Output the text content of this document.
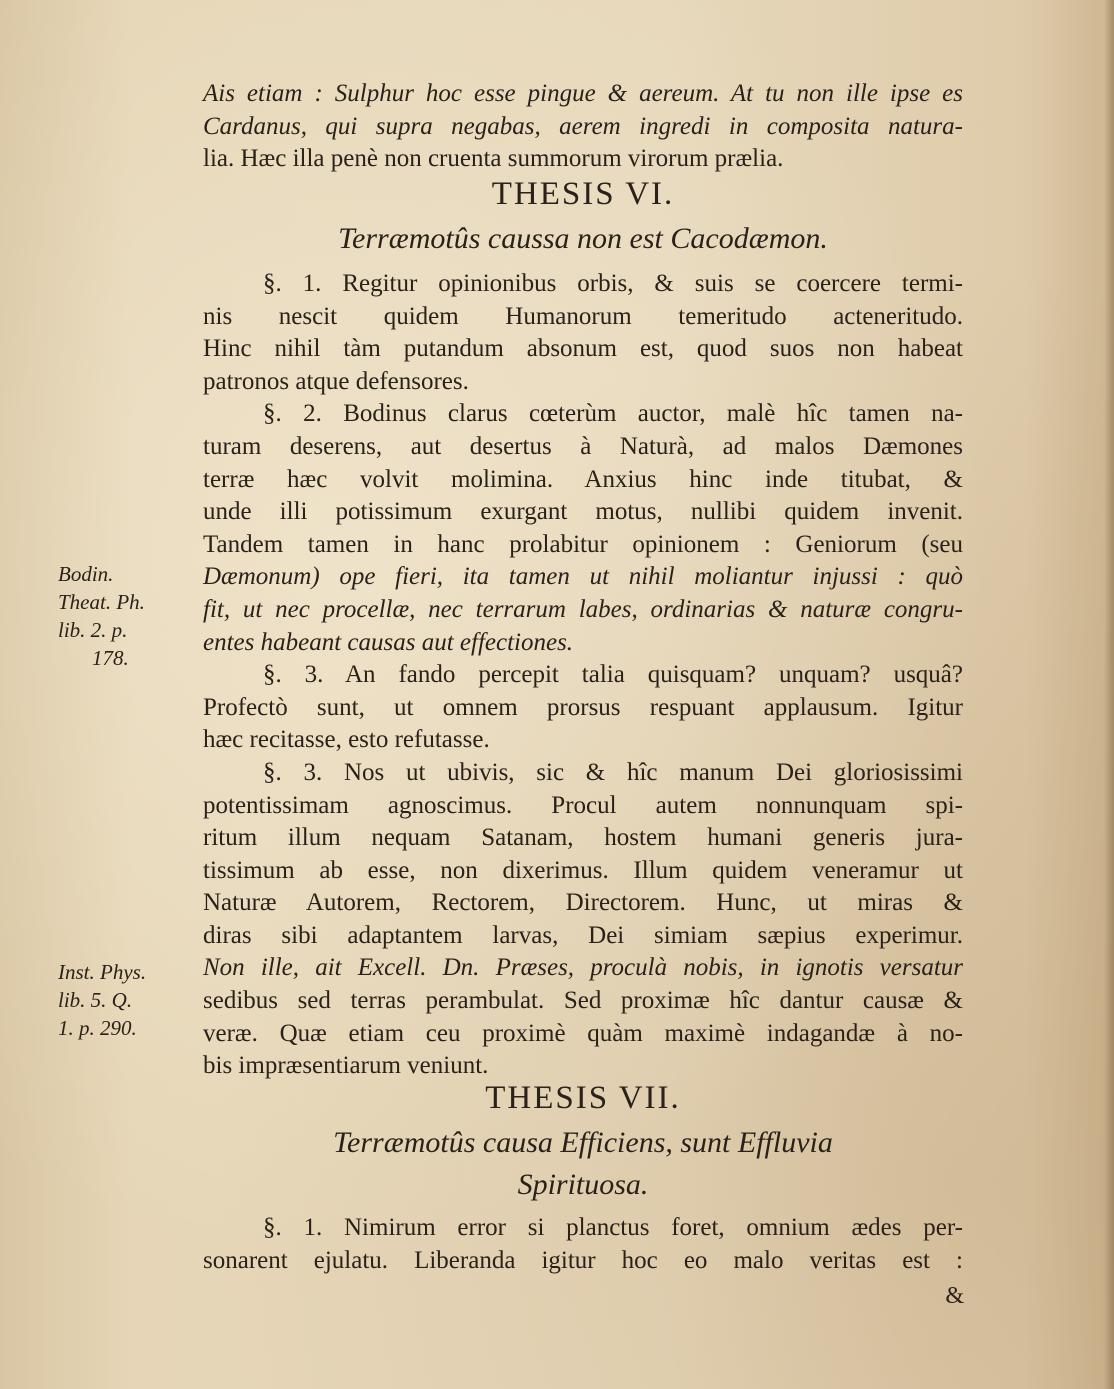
Ais etiam : Sulphur hoc esse pingue & aereum. At tu non ille ipse es
Cardanus, qui supra negabas, aerem ingredi in composita natura-
lia. Hæc illa penè non cruenta summorum virorum prælia.
THESIS VI.
Terræmotûs caussa non est Cacodæmon.
§. 1. Regitur opinionibus orbis, & suis se coercere termi-
nis nescit quidem Humanorum temeritudo acteneritudo.
Hinc nihil tàm putandum absonum est, quod suos non habeat
patronos atque defensores.
§. 2. Bodinus clarus cœterùm auctor, malè hîc tamen na-
turam deserens, aut desertus à Naturà, ad malos Dæmones
terræ hæc volvit molimina. Anxius hinc inde titubat, &
unde illi potissimum exurgant motus, nullibi quidem invenit.
Tandem tamen in hanc prolabitur opinionem : Geniorum (seu
Dæmonum) ope fieri, ita tamen ut nihil moliantur injussi : quò
fit, ut nec procellæ, nec terrarum labes, ordinarias & naturæ congru-
entes habeant causas aut effectiones.
§. 3. An fando percepit talia quisquam? unquam? usquâ?
Profectò sunt, ut omnem prorsus respuant applausum. Igitur
hæc recitasse, esto refutasse.
§. 3. Nos ut ubivis, sic & hîc manum Dei gloriosissimi
potentissimam agnoscimus. Procul autem nonnunquam spi-
ritum illum nequam Satanam, hostem humani generis jura-
tissimum ab esse, non dixerimus. Illum quidem veneramur ut
Naturæ Autorem, Rectorem, Directorem. Hunc, ut miras &
diras sibi adaptantem larvas, Dei simiam sæpius experimur.
Non ille, ait Excell. Dn. Præses, proculà nobis, in ignotis versatur
sedibus sed terras perambulat. Sed proximæ hîc dantur causæ &
veræ. Quæ etiam ceu proximè quàm maximè indagandæ à no-
bis impræsentiarum veniunt.
THESIS VII.
Terræmotûs causa Efficiens, sunt Effluvia
Spirituosa.
§. 1. Nimirum error si planctus foret, omnium ædes per-
sonarent ejulatu. Liberanda igitur hoc eo malo veritas est :
Bodin.
Theat. Ph.
lib. 2. p.
178.
Inst. Phys.
lib. 5. Q.
1. p. 290.
&
